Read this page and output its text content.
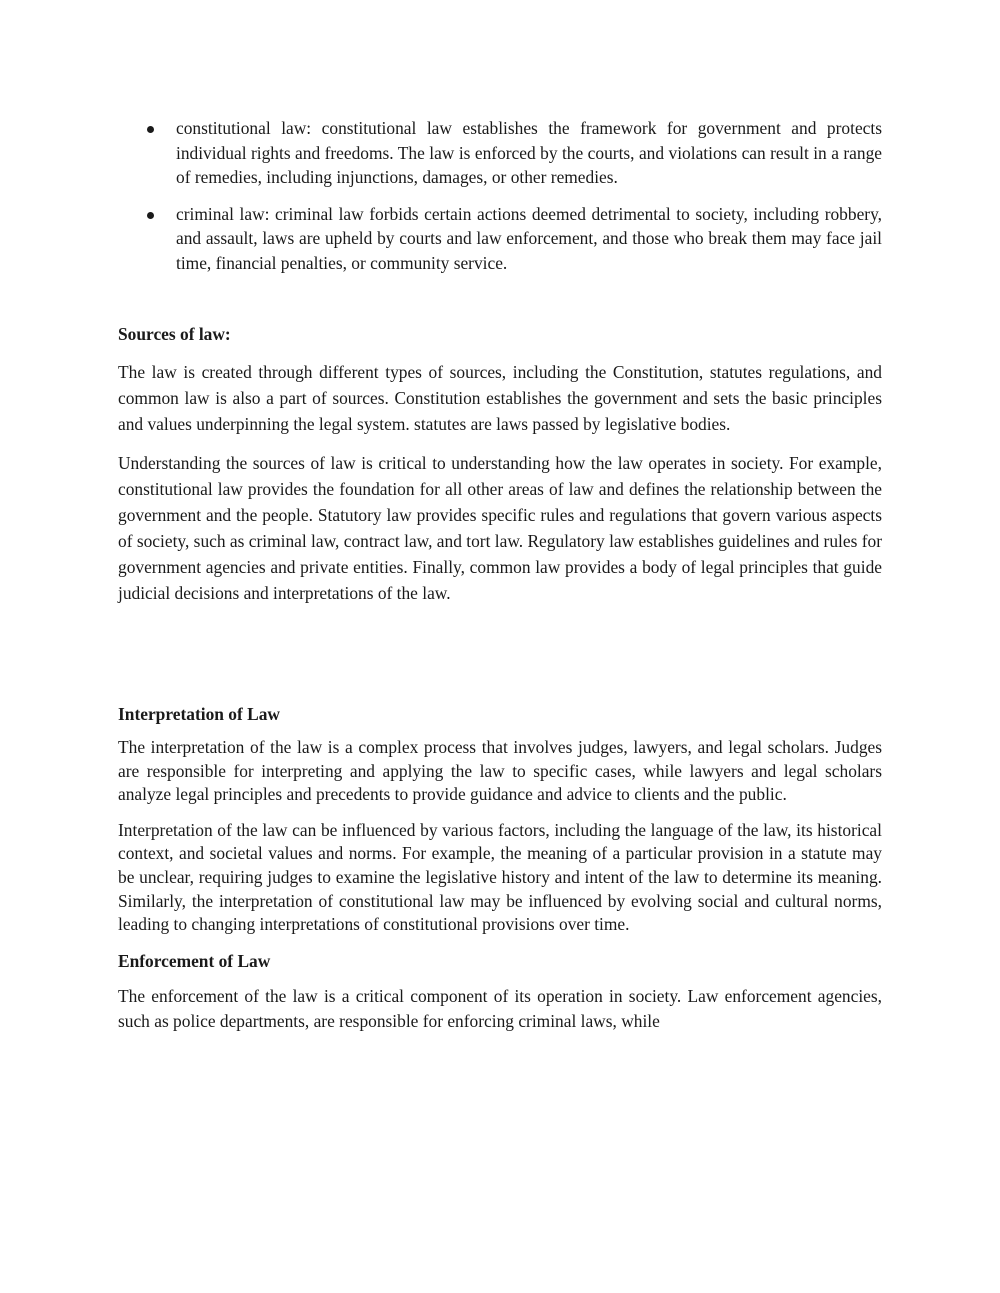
constitutional law: constitutional law establishes the framework for government and protects individual rights and freedoms. The law is enforced by the courts, and violations can result in a range of remedies, including injunctions, damages, or other remedies.
criminal law: criminal law forbids certain actions deemed detrimental to society, including robbery, and assault, laws are upheld by courts and law enforcement, and those who break them may face jail time, financial penalties, or community service.
Sources of law:

The law is created through different types of sources, including the Constitution, statutes regulations, and common law is also a part of sources. Constitution establishes the government and sets the basic principles and values underpinning the legal system. statutes are laws passed by legislative bodies.

Understanding the sources of law is critical to understanding how the law operates in society. For example, constitutional law provides the foundation for all other areas of law and defines the relationship between the government and the people. Statutory law provides specific rules and regulations that govern various aspects of society, such as criminal law, contract law, and tort law. Regulatory law establishes guidelines and rules for government agencies and private entities. Finally, common law provides a body of legal principles that guide judicial decisions and interpretations of the law.

Interpretation of Law

The interpretation of the law is a complex process that involves judges, lawyers, and legal scholars. Judges are responsible for interpreting and applying the law to specific cases, while lawyers and legal scholars analyze legal principles and precedents to provide guidance and advice to clients and the public.

Interpretation of the law can be influenced by various factors, including the language of the law, its historical context, and societal values and norms. For example, the meaning of a particular provision in a statute may be unclear, requiring judges to examine the legislative history and intent of the law to determine its meaning. Similarly, the interpretation of constitutional law may be influenced by evolving social and cultural norms, leading to changing interpretations of constitutional provisions over time.

Enforcement of Law

The enforcement of the law is a critical component of its operation in society. Law enforcement agencies, such as police departments, are responsible for enforcing criminal laws, while
